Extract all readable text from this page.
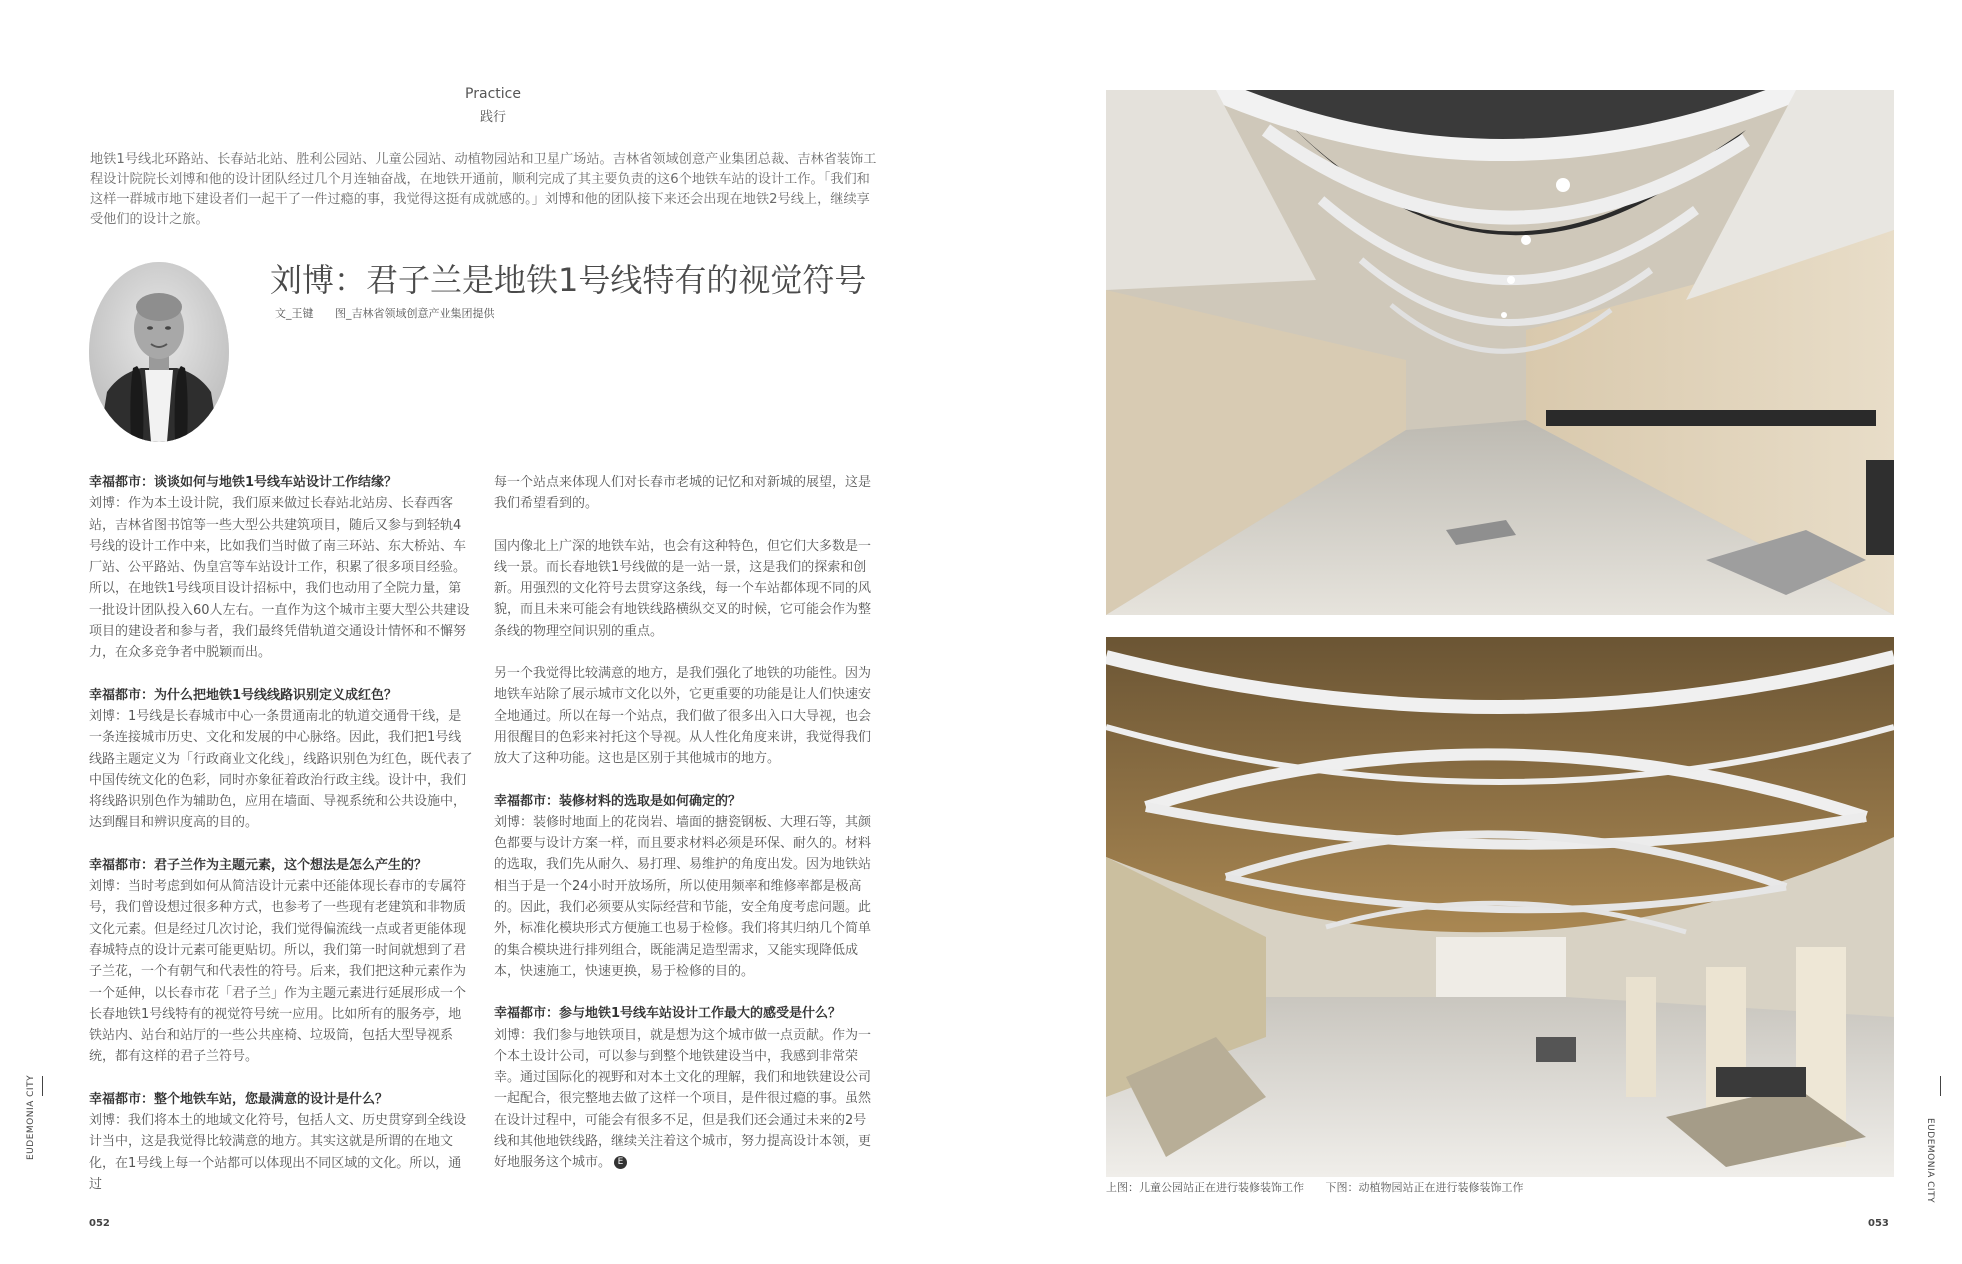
Practice
践行
地铁1号线北环路站、长春站北站、胜利公园站、儿童公园站、动植物园站和卫星广场站。吉林省领域创意产业集团总裁、吉林省装饰工程设计院院长刘博和他的设计团队经过几个月连轴奋战，在地铁开通前，顺利完成了其主要负责的这6个地铁车站的设计工作。「我们和这样一群城市地下建设者们一起干了一件过瘾的事，我觉得这挺有成就感的。」刘博和他的团队接下来还会出现在地铁2号线上，继续享受他们的设计之旅。
刘博：君子兰是地铁1号线特有的视觉符号
文_王键 图_吉林省领域创意产业集团提供

幸福都市：谈谈如何与地铁1号线车站设计工作结缘？
刘博：作为本土设计院，我们原来做过长春站北站房、长春西客站，吉林省图书馆等一些大型公共建筑项目，随后又参与到轻轨4号线的设计工作中来，比如我们当时做了南三环站、东大桥站、车厂站、公平路站、伪皇宫等车站设计工作，积累了很多项目经验。所以，在地铁1号线项目设计招标中，我们也动用了全院力量，第一批设计团队投入60人左右。一直作为这个城市主要大型公共建设项目的建设者和参与者，我们最终凭借轨道交通设计情怀和不懈努力，在众多竞争者中脱颖而出。

幸福都市：为什么把地铁1号线线路识别定义成红色？
刘博：1号线是长春城市中心一条贯通南北的轨道交通骨干线，是一条连接城市历史、文化和发展的中心脉络。因此，我们把1号线线路主题定义为「行政商业文化线」，线路识别色为红色，既代表了中国传统文化的色彩，同时亦象征着政治行政主线。设计中，我们将线路识别色作为辅助色，应用在墙面、导视系统和公共设施中，达到醒目和辨识度高的目的。

幸福都市：君子兰作为主题元素，这个想法是怎么产生的？
刘博：当时考虑到如何从简洁设计元素中还能体现长春市的专属符号，我们曾设想过很多种方式，也参考了一些现有老建筑和非物质文化元素。但是经过几次讨论，我们觉得偏流线一点或者更能体现春城特点的设计元素可能更贴切。所以，我们第一时间就想到了君子兰花，一个有朝气和代表性的符号。后来，我们把这种元素作为一个延伸，以长春市花「君子兰」作为主题元素进行延展形成一个长春地铁1号线特有的视觉符号统一应用。比如所有的服务亭，地铁站内、站台和站厅的一些公共座椅、垃圾筒，包括大型导视系统，都有这样的君子兰符号。

幸福都市：整个地铁车站，您最满意的设计是什么？
刘博：我们将本土的地域文化符号，包括人文、历史贯穿到全线设计当中，这是我觉得比较满意的地方。其实这就是所谓的在地文化，在1号线上每一个站都可以体现出不同区域的文化。所以，通过

每一个站点来体现人们对长春市老城的记忆和对新城的展望，这是我们希望看到的。

国内像北上广深的地铁车站，也会有这种特色，但它们大多数是一线一景。而长春地铁1号线做的是一站一景，这是我们的探索和创新。用强烈的文化符号去贯穿这条线，每一个车站都体现不同的风貌，而且未来可能会有地铁线路横纵交叉的时候，它可能会作为整条线的物理空间识别的重点。

另一个我觉得比较满意的地方，是我们强化了地铁的功能性。因为地铁车站除了展示城市文化以外，它更重要的功能是让人们快速安全地通过。所以在每一个站点，我们做了很多出入口大导视，也会用很醒目的色彩来衬托这个导视。从人性化角度来讲，我觉得我们放大了这种功能。这也是区别于其他城市的地方。

幸福都市：装修材料的选取是如何确定的？
刘博：装修时地面上的花岗岩、墙面的搪瓷钢板、大理石等，其颜色都要与设计方案一样，而且要求材料必须是环保、耐久的。材料的选取，我们先从耐久、易打理、易维护的角度出发。因为地铁站相当于是一个24小时开放场所，所以使用频率和维修率都是极高的。因此，我们必须要从实际经营和节能，安全角度考虑问题。此外，标准化模块形式方便施工也易于检修。我们将其归纳几个简单的集合模块进行排列组合，既能满足造型需求，又能实现降低成本，快速施工，快速更换，易于检修的目的。

幸福都市：参与地铁1号线车站设计工作最大的感受是什么？
刘博：我们参与地铁项目，就是想为这个城市做一点贡献。作为一个本土设计公司，可以参与到整个地铁建设当中，我感到非常荣幸。通过国际化的视野和对本土文化的理解，我们和地铁建设公司一起配合，很完整地去做了这样一个项目，是件很过瘾的事。虽然在设计过程中，可能会有很多不足，但是我们还会通过未来的2号线和其他地铁线路，继续关注着这个城市，努力提高设计本领，更好地服务这个城市。 E

上图：儿童公园站正在进行装修装饰工作 下图：动植物园站正在进行装修装饰工作
052	053
EUDEMONIA CITY
EUDEMONIA CITY
